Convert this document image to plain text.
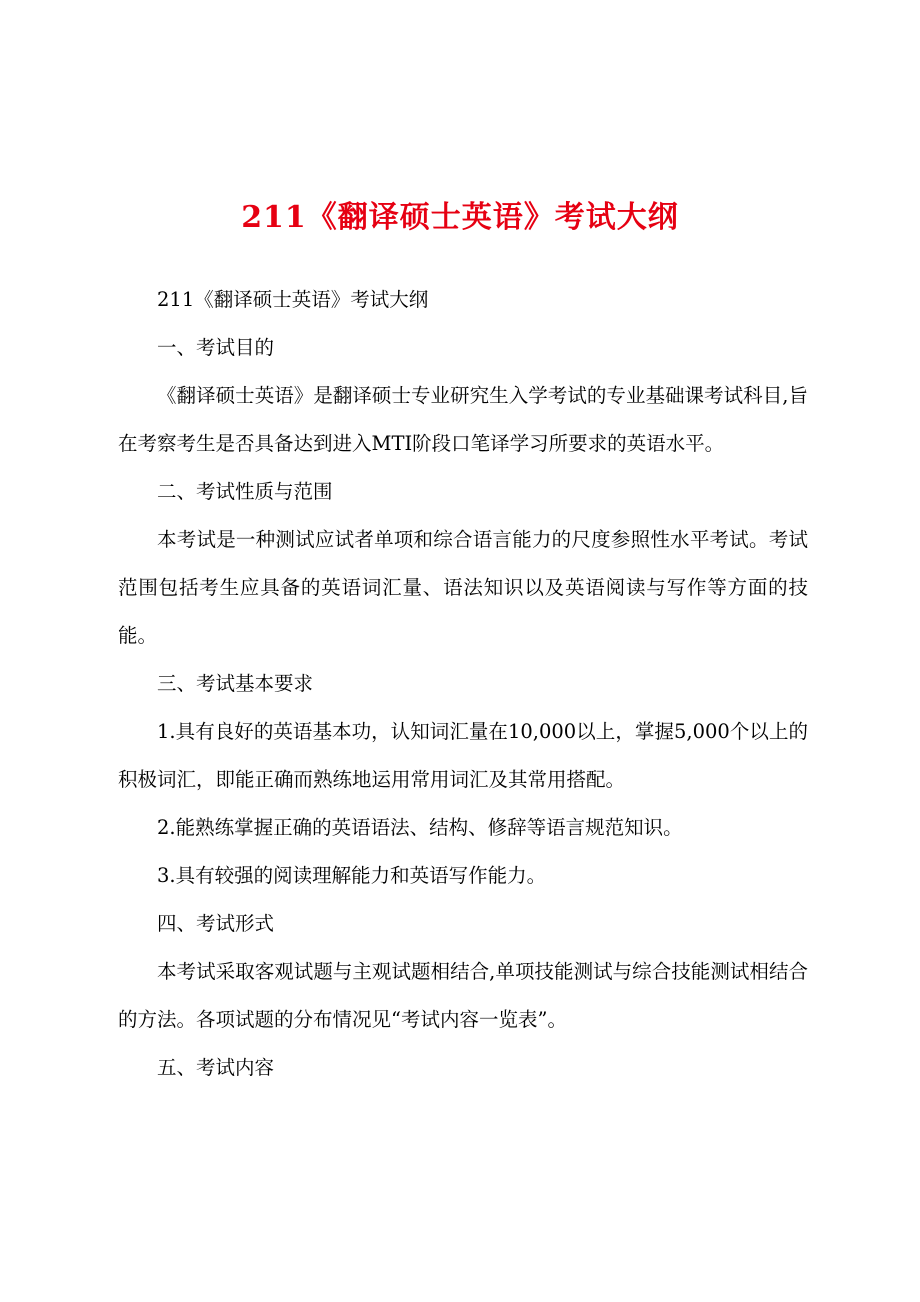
211《翻译硕士英语》考试大纲

211《翻译硕士英语》考试大纲

一、考试目的

《翻译硕士英语》是翻译硕士专业研究生入学考试的专业基础课考试科目,旨在考察考生是否具备达到进入MTI阶段口笔译学习所要求的英语水平。

二、考试性质与范围

本考试是一种测试应试者单项和综合语言能力的尺度参照性水平考试。考试范围包括考生应具备的英语词汇量、语法知识以及英语阅读与写作等方面的技能。

三、考试基本要求

1.具有良好的英语基本功，认知词汇量在10,000以上，掌握5,000个以上的积极词汇，即能正确而熟练地运用常用词汇及其常用搭配。

2.能熟练掌握正确的英语语法、结构、修辞等语言规范知识。

3.具有较强的阅读理解能力和英语写作能力。

四、考试形式

本考试采取客观试题与主观试题相结合,单项技能测试与综合技能测试相结合的方法。各项试题的分布情况见“考试内容一览表”。

五、考试内容
